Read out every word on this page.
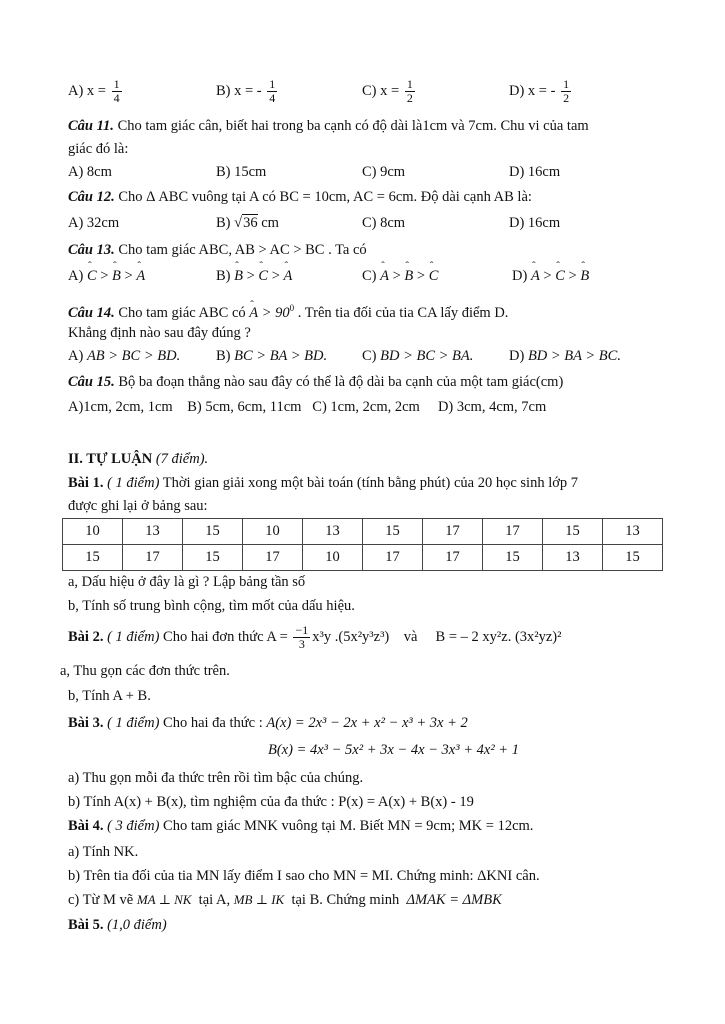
A) $x = \frac{1}{4}$	B) x = - $\frac{1}{4}$	C) $x = \frac{1}{2}$	D) x = - $\frac{1}{2}$
Câu 11. Cho tam giác cân, biết hai trong ba cạnh có độ dài là1cm và 7cm. Chu vi của tam
giác đó là:
A) 8cm	B) 15cm	C) 9cm	D) 16cm
Câu 12. Cho Δ ABC vuông tại A có BC = 10cm, AC = 6cm. Độ dài cạnh AB là:
A) 32cm	B) √36 cm	C) 8cm	D) 16cm
Câu 13. Cho tam giác ABC, AB > AC > BC . Ta có
A) ˆ C > ˆ B > ˆ A	B) ˆ B > ˆ C > ˆ A	C) ˆ A > ˆ B > ˆ C	D) ˆ A > ˆ C > ˆ B
Câu 14. Cho tam giác ABC có ˆ $A > 90^0$ . Trên tia đối của tia CA lấy điểm D.
Khẳng định nào sau đây đúng ?
A) AB > BC > BD. B) BC > BA > BD. C) BD > BC > BA. D) BD > BA > BC.
Câu 15. Bộ ba đoạn thẳng nào sau đây có thể là độ dài ba cạnh của một tam giác(cm)
A)1cm, 2cm, 1cm    B) 5cm, 6cm, 11cm   C) 1cm, 2cm, 2cm     D) 3cm, 4cm, 7cm
II. TỰ LUẬN (7 điểm).
Bài 1. ( 1 điểm) Thời gian giải xong một bài toán (tính bằng phút) của 20 học sinh lớp 7
được ghi lại ở bảng sau:
10	13	15	10	13	15	17	17	15	13
15	17	15	17	10	17	17	15	13	15
a, Dấu hiệu ở đây là gì ? Lập bảng tần số
b, Tính số trung bình cộng, tìm mốt của dấu hiệu.
Bài 2. ( 1 điểm) Cho hai đơn thức $A = \frac{-1}{3} x^3y$ .(5x²y³z³)    và     B = – 2 xy²z. (3x²yz)²
a, Thu gọn các đơn thức trên.
b, Tính A + B.
Bài 3. ( 1 điểm) Cho hai đa thức : A(x) = 2x³ − 2x + x² − x³ + 3x + 2
B(x) = 4x³ − 5x² + 3x − 4x − 3x³ + 4x² + 1
a) Thu gọn mỗi đa thức trên rồi tìm bậc của chúng.
b) Tính A(x) + B(x), tìm nghiệm của đa thức : P(x) = A(x) + B(x) - 19
Bài 4. ( 3 điểm) Cho tam giác MNK vuông tại M. Biết MN = 9cm; MK = 12cm.
a) Tính NK.
b) Trên tia đối của tia MN lấy điểm I sao cho MN = MI. Chứng minh: ΔKNI cân.
c) Từ M vẽ MA ⊥ NK  tại A, MB ⊥ IK  tại B. Chứng minh  ΔMAK = ΔMBK
Bài 5. (1,0 điểm)
